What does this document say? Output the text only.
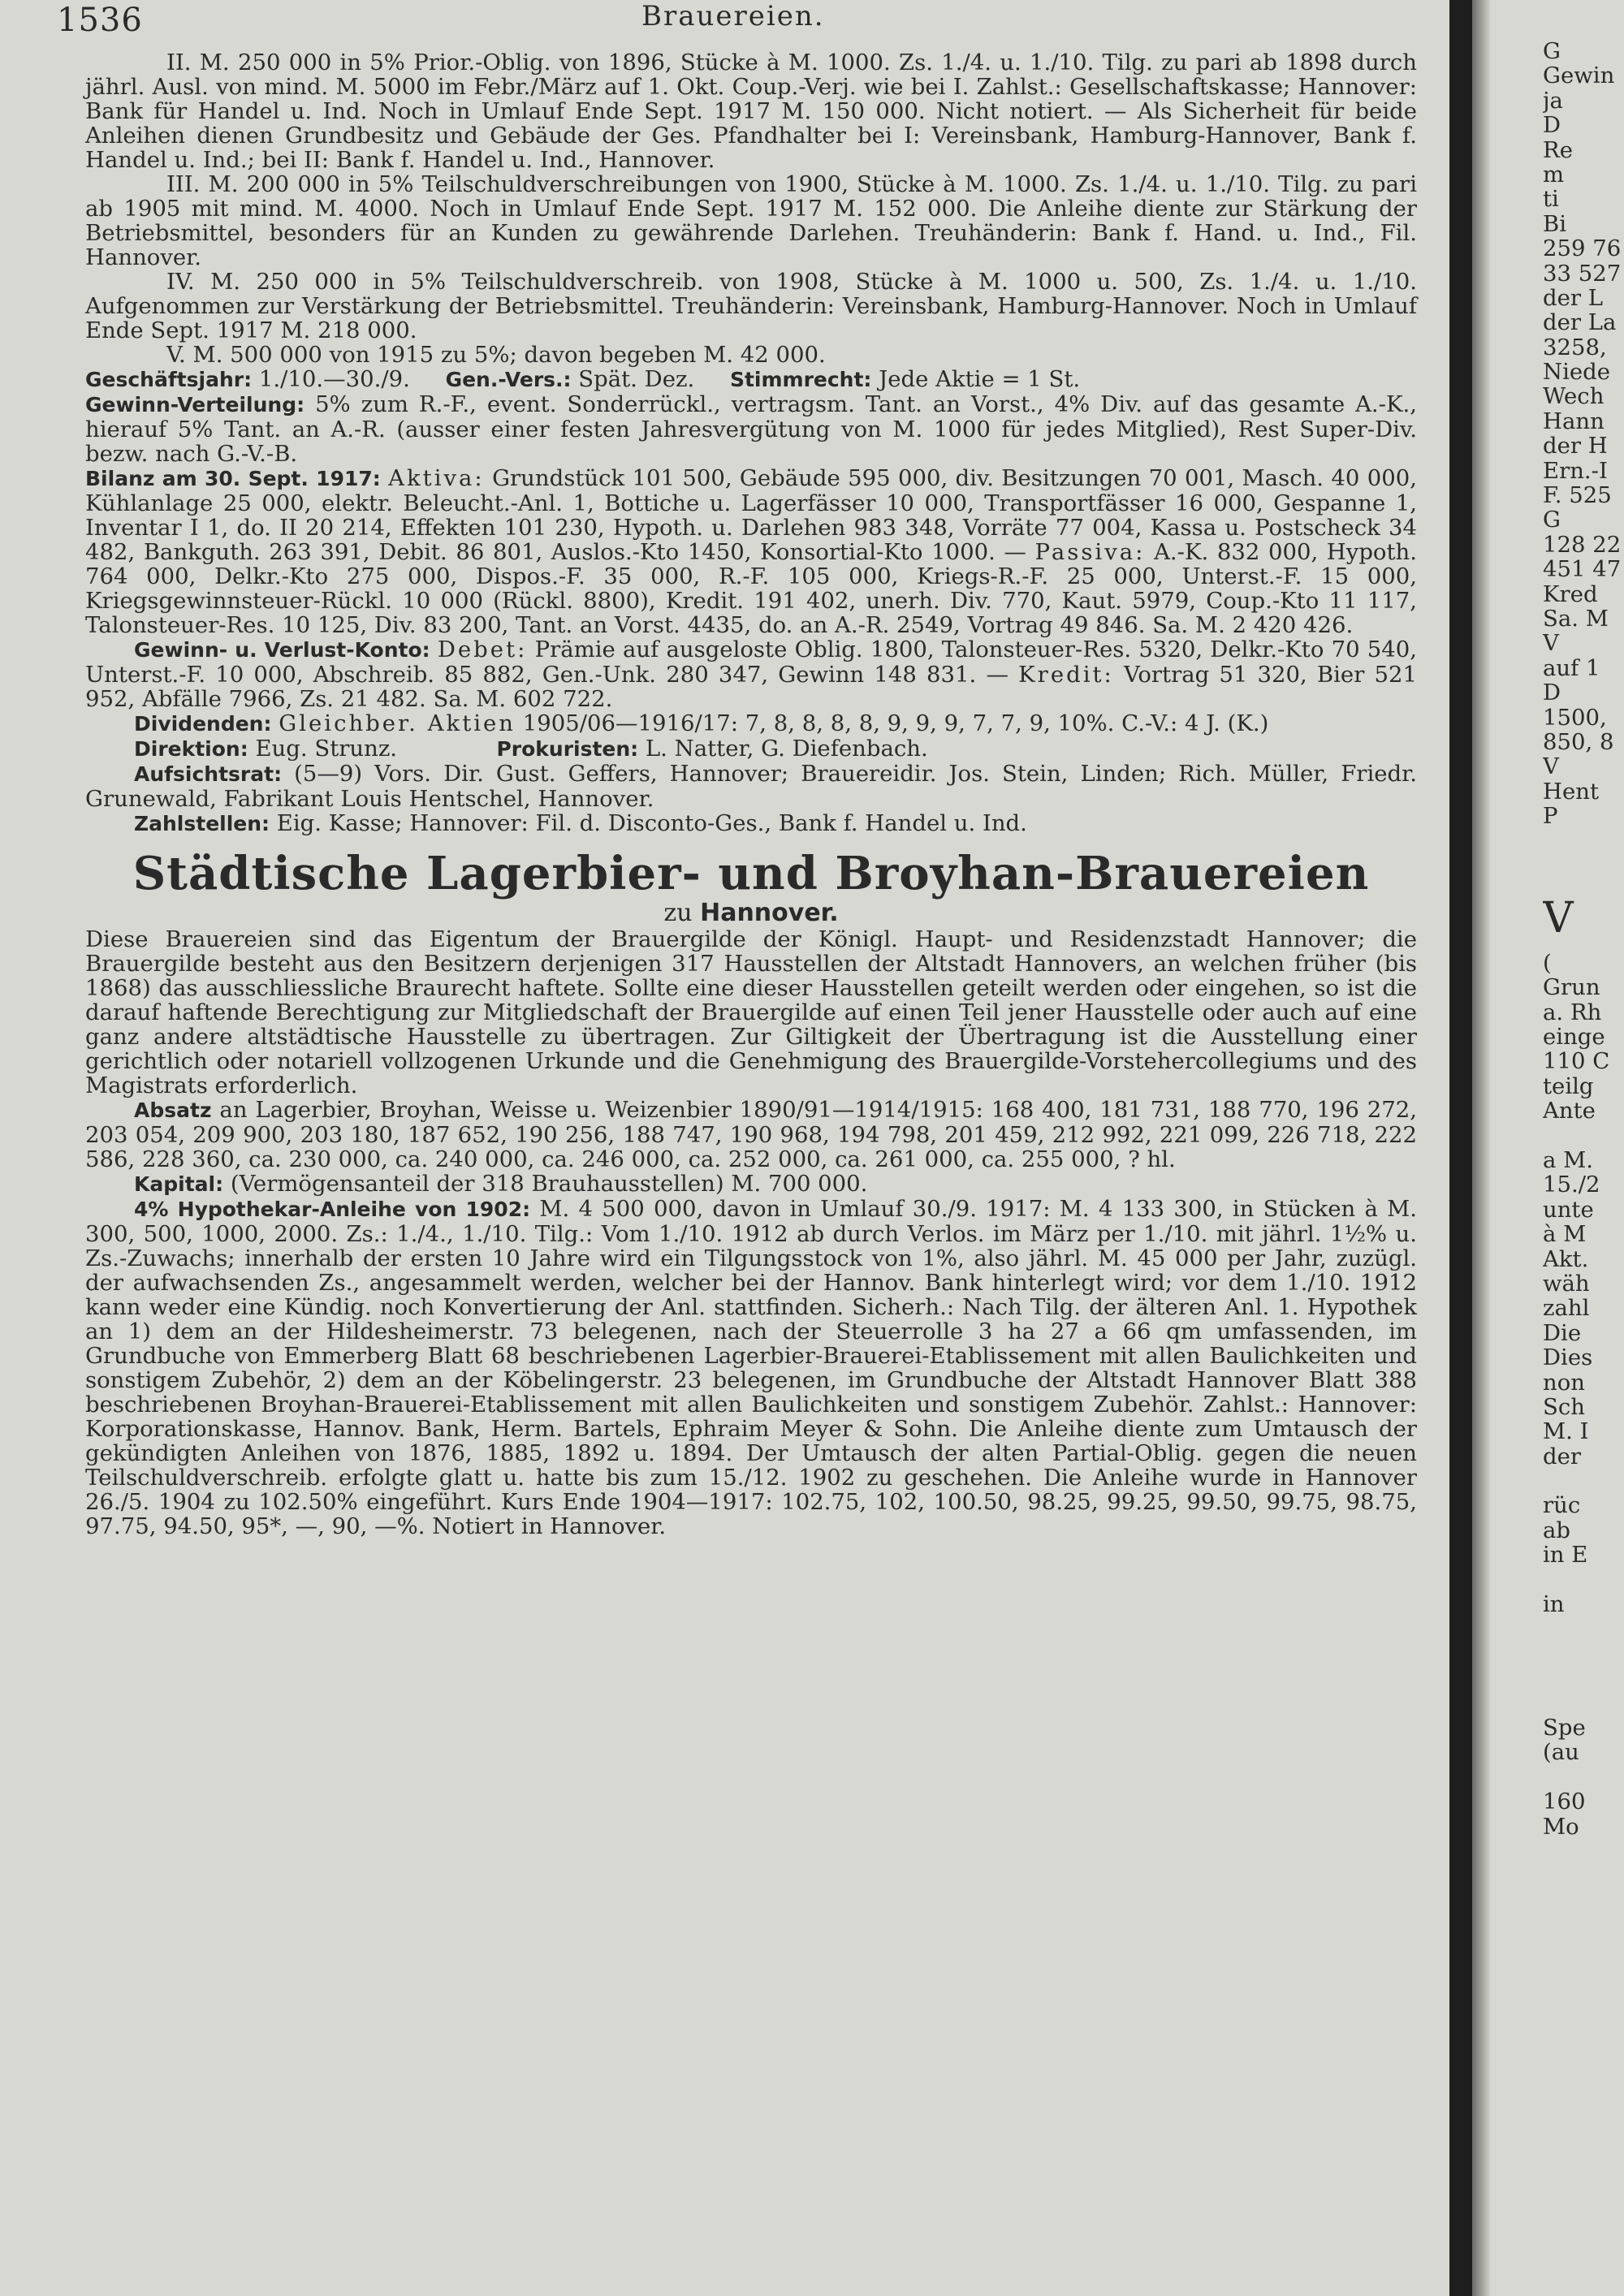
1536	Brauereien.

II. M. 250 000 in 5% Prior.-Oblig. von 1896, Stücke à M. 1000. Zs. 1./4. u. 1./10. Tilg. zu pari ab 1898 durch jährl. Ausl. von mind. M. 5000 im Febr./März auf 1. Okt. Coup.-Verj. wie bei I. Zahlst.: Gesellschaftskasse; Hannover: Bank für Handel u. Ind. Noch in Umlauf Ende Sept. 1917 M. 150 000. Nicht notiert. — Als Sicherheit für beide Anleihen dienen Grundbesitz und Gebäude der Ges. Pfandhalter bei I: Vereinsbank, Hamburg-Hannover, Bank f. Handel u. Ind.; bei II: Bank f. Handel u. Ind., Hannover.

III. M. 200 000 in 5% Teilschuldverschreibungen von 1900, Stücke à M. 1000. Zs. 1./4. u. 1./10. Tilg. zu pari ab 1905 mit mind. M. 4000. Noch in Umlauf Ende Sept. 1917 M. 152 000. Die Anleihe diente zur Stärkung der Betriebsmittel, besonders für an Kunden zu gewährende Darlehen. Treuhänderin: Bank f. Hand. u. Ind., Fil. Hannover.

IV. M. 250 000 in 5% Teilschuldverschreib. von 1908, Stücke à M. 1000 u. 500, Zs. 1./4. u. 1./10. Aufgenommen zur Verstärkung der Betriebsmittel. Treuhänderin: Vereinsbank, Hamburg-Hannover. Noch in Umlauf Ende Sept. 1917 M. 218 000.

V. M. 500 000 von 1915 zu 5%; davon begeben M. 42 000.

Geschäftsjahr: 1./10.—30./9. Gen.-Vers.: Spät. Dez. Stimmrecht: Jede Aktie = 1 St.

Gewinn-Verteilung: 5% zum R.-F., event. Sonderrückl., vertragsm. Tant. an Vorst., 4% Div. auf das gesamte A.-K., hierauf 5% Tant. an A.-R. (ausser einer festen Jahresvergütung von M. 1000 für jedes Mitglied), Rest Super-Div. bezw. nach G.-V.-B.

Bilanz am 30. Sept. 1917: Aktiva: Grundstück 101 500, Gebäude 595 000, div. Besitzungen 70 001, Masch. 40 000, Kühlanlage 25 000, elektr. Beleucht.-Anl. 1, Bottiche u. Lagerfässer 10 000, Transportfässer 16 000, Gespanne 1, Inventar I 1, do. II 20 214, Effekten 101 230, Hypoth. u. Darlehen 983 348, Vorräte 77 004, Kassa u. Postscheck 34 482, Bankguth. 263 391, Debit. 86 801, Auslos.-Kto 1450, Konsortial-Kto 1000. — Passiva: A.-K. 832 000, Hypoth. 764 000, Delkr.-Kto 275 000, Dispos.-F. 35 000, R.-F. 105 000, Kriegs-R.-F. 25 000, Unterst.-F. 15 000, Kriegsgewinnsteuer-Rückl. 10 000 (Rückl. 8800), Kredit. 191 402, unerh. Div. 770, Kaut. 5979, Coup.-Kto 11 117, Talonsteuer-Res. 10 125, Div. 83 200, Tant. an Vorst. 4435, do. an A.-R. 2549, Vortrag 49 846. Sa. M. 2 420 426.

Gewinn- u. Verlust-Konto: Debet: Prämie auf ausgeloste Oblig. 1800, Talonsteuer-Res. 5320, Delkr.-Kto 70 540, Unterst.-F. 10 000, Abschreib. 85 882, Gen.-Unk. 280 347, Gewinn 148 831. — Kredit: Vortrag 51 320, Bier 521 952, Abfälle 7966, Zs. 21 482. Sa. M. 602 722.

Dividenden: Gleichber. Aktien 1905/06—1916/17: 7, 8, 8, 8, 8, 9, 9, 9, 7, 7, 9, 10%. C.-V.: 4 J. (K.)

Direktion: Eug. Strunz.	Prokuristen: L. Natter, G. Diefenbach.

Aufsichtsrat: (5—9) Vors. Dir. Gust. Geffers, Hannover; Brauereidir. Jos. Stein, Linden; Rich. Müller, Friedr. Grunewald, Fabrikant Louis Hentschel, Hannover.

Zahlstellen: Eig. Kasse; Hannover: Fil. d. Disconto-Ges., Bank f. Handel u. Ind.

Städtische Lagerbier- und Broyhan-Brauereien
zu Hannover.

Diese Brauereien sind das Eigentum der Brauergilde der Königl. Haupt- und Residenzstadt Hannover; die Brauergilde besteht aus den Besitzern derjenigen 317 Hausstellen der Altstadt Hannovers, an welchen früher (bis 1868) das ausschliessliche Braurecht haftete. Sollte eine dieser Hausstellen geteilt werden oder eingehen, so ist die darauf haftende Berechtigung zur Mitgliedschaft der Brauergilde auf einen Teil jener Hausstelle oder auch auf eine ganz andere altstädtische Hausstelle zu übertragen. Zur Giltigkeit der Übertragung ist die Ausstellung einer gerichtlich oder notariell vollzogenen Urkunde und die Genehmigung des Brauergilde-Vorstehercollegiums und des Magistrats erforderlich.

Absatz an Lagerbier, Broyhan, Weisse u. Weizenbier 1890/91—1914/1915: 168 400, 181 731, 188 770, 196 272, 203 054, 209 900, 203 180, 187 652, 190 256, 188 747, 190 968, 194 798, 201 459, 212 992, 221 099, 226 718, 222 586, 228 360, ca. 230 000, ca. 240 000, ca. 246 000, ca. 252 000, ca. 261 000, ca. 255 000, ? hl.

Kapital: (Vermögensanteil der 318 Brauhausstellen) M. 700 000.

4% Hypothekar-Anleihe von 1902: M. 4 500 000, davon in Umlauf 30./9. 1917: M. 4 133 300, in Stücken à M. 300, 500, 1000, 2000. Zs.: 1./4., 1./10. Tilg.: Vom 1./10. 1912 ab durch Verlos. im März per 1./10. mit jährl. 1½% u. Zs.-Zuwachs; innerhalb der ersten 10 Jahre wird ein Tilgungsstock von 1%, also jährl. M. 45 000 per Jahr, zuzügl. der aufwachsenden Zs., angesammelt werden, welcher bei der Hannov. Bank hinterlegt wird; vor dem 1./10. 1912 kann weder eine Kündig. noch Konvertierung der Anl. stattfinden. Sicherh.: Nach Tilg. der älteren Anl. 1. Hypothek an 1) dem an der Hildesheimerstr. 73 belegenen, nach der Steuerrolle 3 ha 27 a 66 qm umfassenden, im Grundbuche von Emmerberg Blatt 68 beschriebenen Lagerbier-Brauerei-Etablissement mit allen Baulichkeiten und sonstigem Zubehör, 2) dem an der Köbelingerstr. 23 belegenen, im Grundbuche der Altstadt Hannover Blatt 388 beschriebenen Broyhan-Brauerei-Etablissement mit allen Baulichkeiten und sonstigem Zubehör. Zahlst.: Hannover: Korporationskasse, Hannov. Bank, Herm. Bartels, Ephraim Meyer & Sohn. Die Anleihe diente zum Umtausch der gekündigten Anleihen von 1876, 1885, 1892 u. 1894. Der Umtausch der alten Partial-Oblig. gegen die neuen Teilschuldverschreib. erfolgte glatt u. hatte bis zum 15./12. 1902 zu geschehen. Die Anleihe wurde in Hannover 26./5. 1904 zu 102.50% eingeführt. Kurs Ende 1904—1917: 102.75, 102, 100.50, 98.25, 99.25, 99.50, 99.75, 98.75, 97.75, 94.50, 95*, —, 90, —%. Notiert in Hannover.

G
Gewin
ja
D
Re
m
ti
Bi
259 76
33 527
der L
der La
3258,
Niede
Wech
Hann
der H
Ern.-I
F. 525
G
128 22
451 47
Kred
Sa. M
V
auf 1
D
1500,
850, 8
V
Hent
P
V
(
Grun
a. Rh
einge
110 C
teilg
Ante
a M.
15./2
unte
à M
Akt.
wäh
zahl
Die
Dies
non
Sch
M. I
der
rüc
ab
in E
in
Spe
(au
160
Mo
